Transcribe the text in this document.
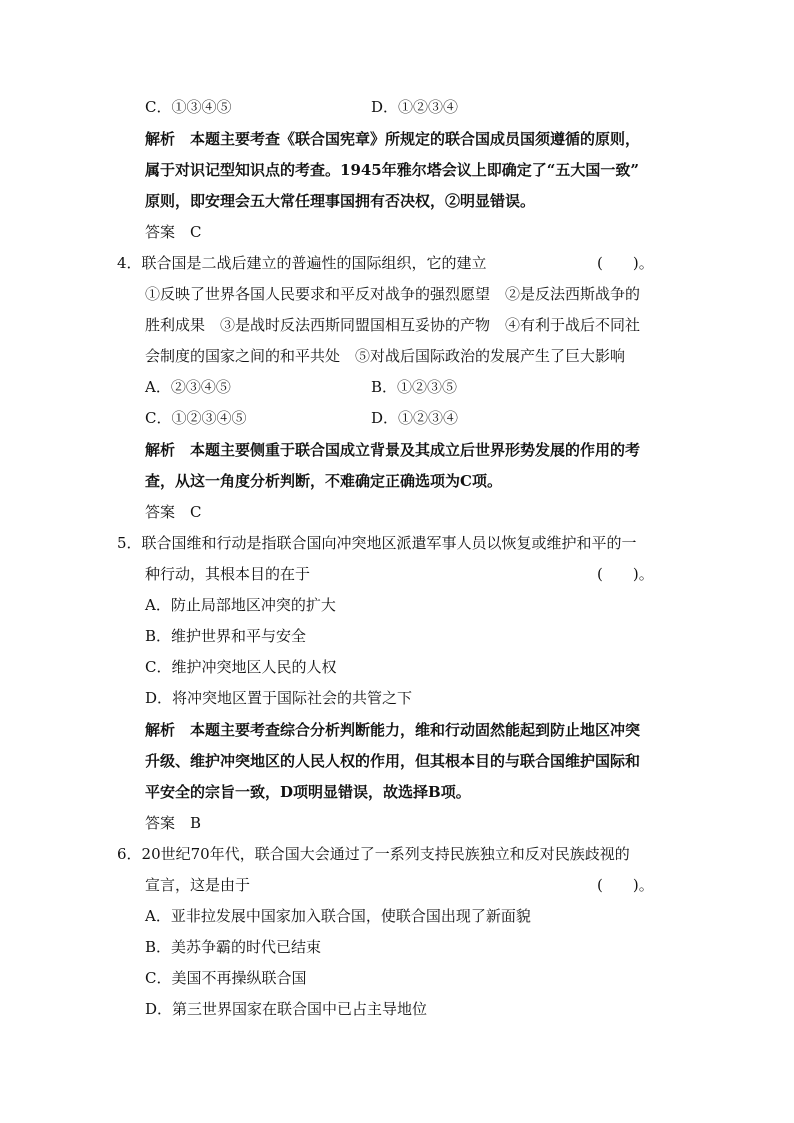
C．①③④⑤	D．①②③④
解析　本题主要考查《联合国宪章》所规定的联合国成员国须遵循的原则，
属于对识记型知识点的考查。1945年雅尔塔会议上即确定了“五大国一致”
原则，即安理会五大常任理事国拥有否决权，②明显错误。
答案　C
4．联合国是二战后建立的普遍性的国际组织，它的建立	(　　)。
①反映了世界各国人民要求和平反对战争的强烈愿望　②是反法西斯战争的
胜利成果　③是战时反法西斯同盟国相互妥协的产物　④有利于战后不同社
会制度的国家之间的和平共处　⑤对战后国际政治的发展产生了巨大影响
A．②③④⑤	B．①②③⑤
C．①②③④⑤	D．①②③④
解析　本题主要侧重于联合国成立背景及其成立后世界形势发展的作用的考
查，从这一角度分析判断，不难确定正确选项为C项。
答案　C
5．联合国维和行动是指联合国向冲突地区派遣军事人员以恢复或维护和平的一
种行动，其根本目的在于	(　　)。
A．防止局部地区冲突的扩大
B．维护世界和平与安全
C．维护冲突地区人民的人权
D．将冲突地区置于国际社会的共管之下
解析　本题主要考查综合分析判断能力，维和行动固然能起到防止地区冲突
升级、维护冲突地区的人民人权的作用，但其根本目的与联合国维护国际和
平安全的宗旨一致，D项明显错误，故选择B项。
答案　B
6．20世纪70年代，联合国大会通过了一系列支持民族独立和反对民族歧视的
宣言，这是由于	(　　)。
A．亚非拉发展中国家加入联合国，使联合国出现了新面貌
B．美苏争霸的时代已结束
C．美国不再操纵联合国
D．第三世界国家在联合国中已占主导地位
